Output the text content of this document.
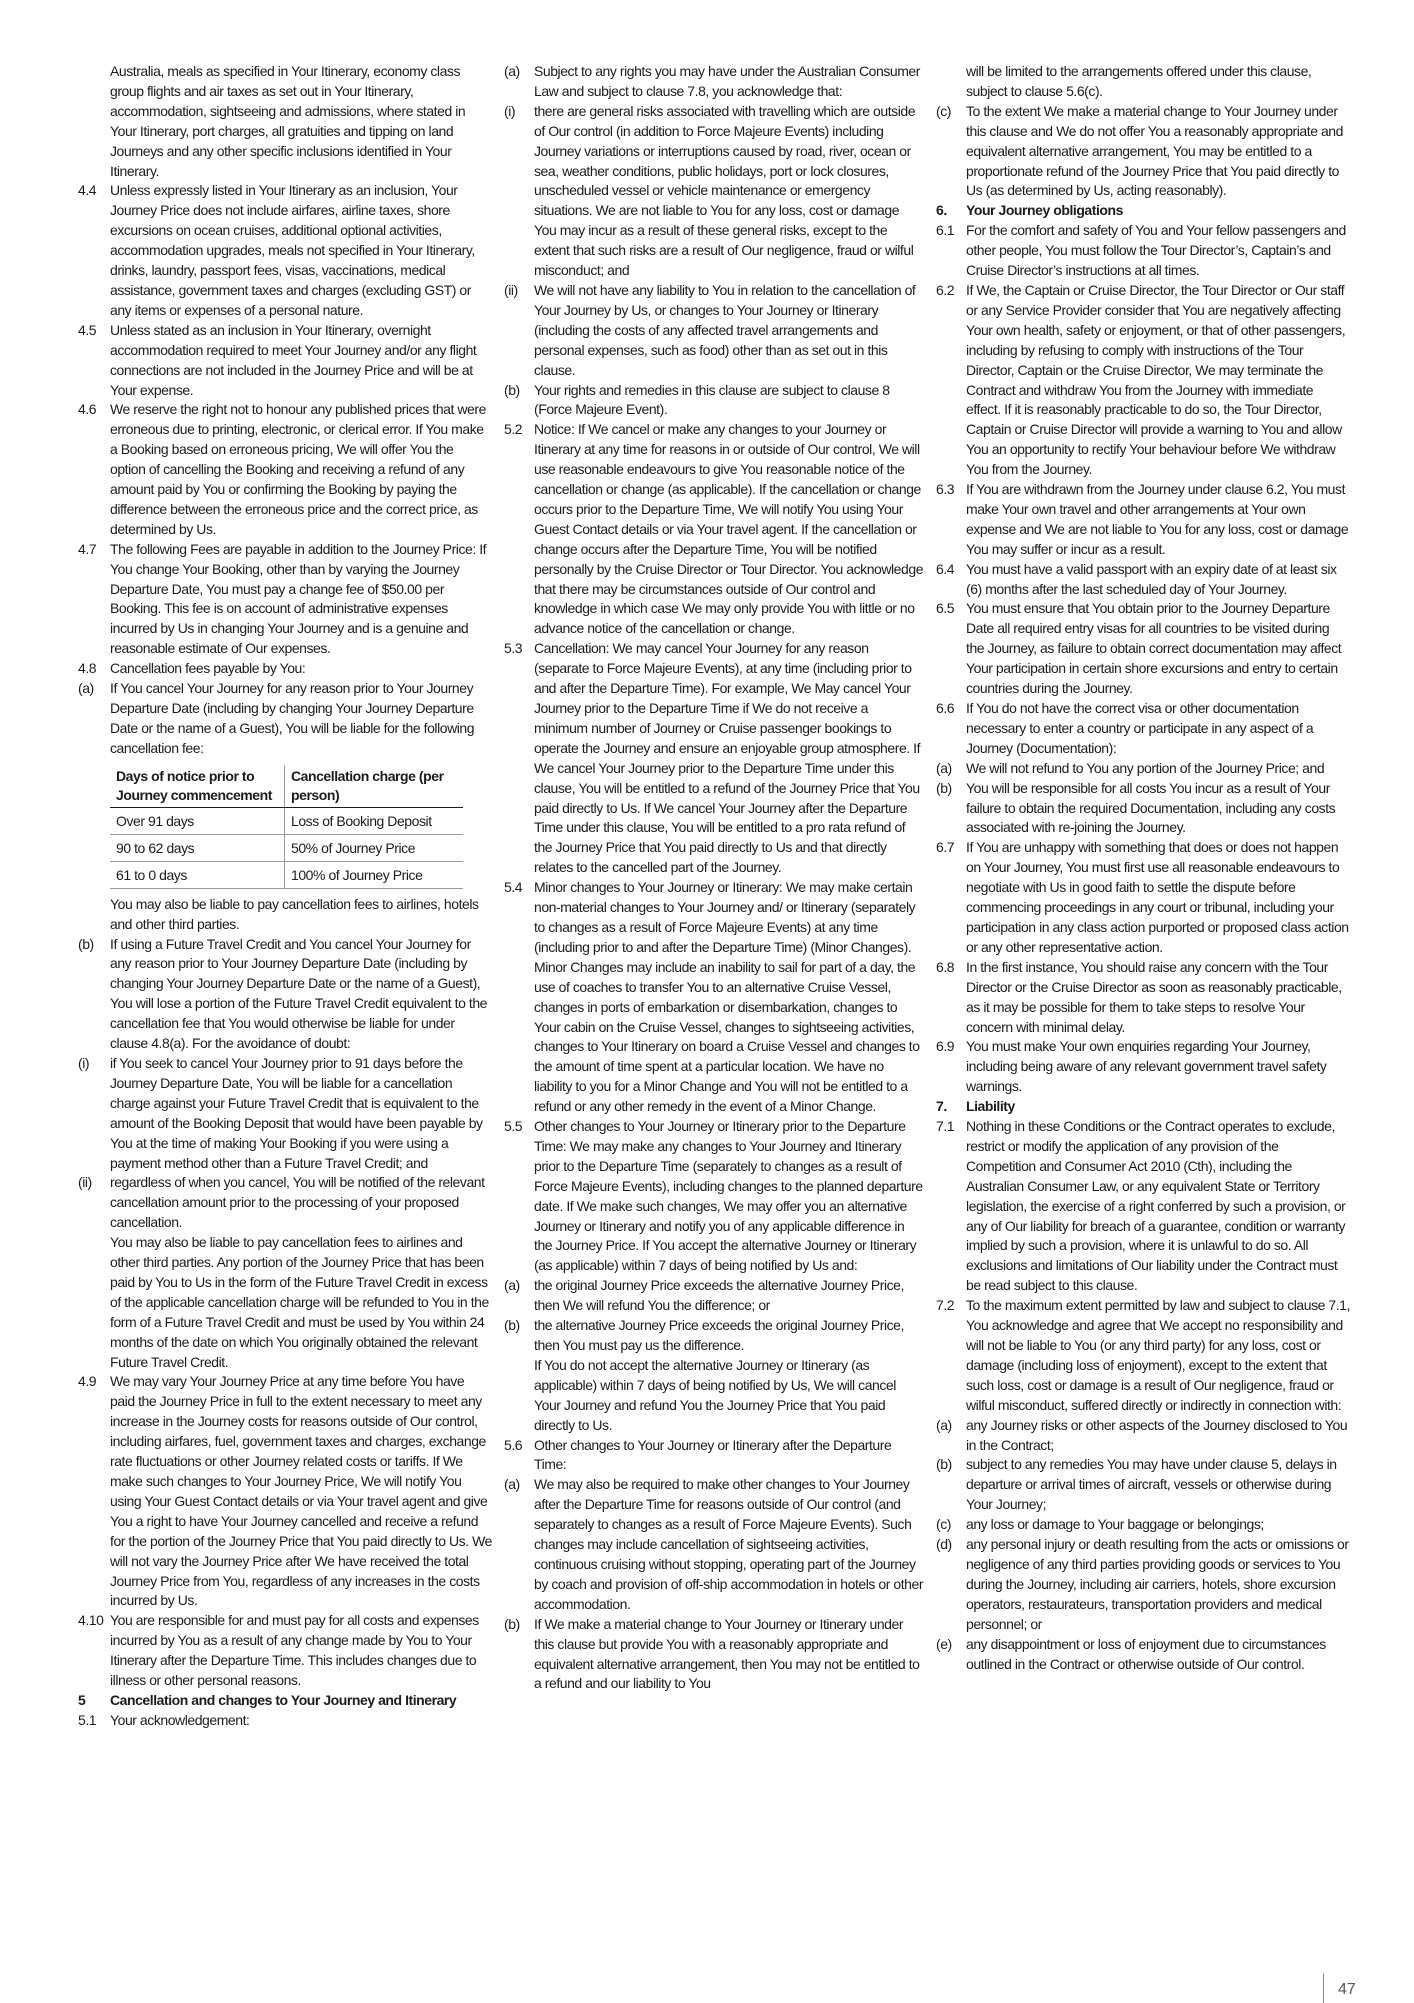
Australia, meals as specified in Your Itinerary, economy class group flights and air taxes as set out in Your Itinerary, accommodation, sightseeing and admissions, where stated in Your Itinerary, port charges, all gratuities and tipping on land Journeys and any other specific inclusions identified in Your Itinerary.

4.4 Unless expressly listed in Your Itinerary as an inclusion, Your Journey Price does not include airfares, airline taxes, shore excursions on ocean cruises, additional optional activities, accommodation upgrades, meals not specified in Your Itinerary, drinks, laundry, passport fees, visas, vaccinations, medical assistance, government taxes and charges (excluding GST) or any items or expenses of a personal nature.
4.5 Unless stated as an inclusion in Your Itinerary, overnight accommodation required to meet Your Journey and/or any flight connections are not included in the Journey Price and will be at Your expense.
4.6 We reserve the right not to honour any published prices that were erroneous due to printing, electronic, or clerical error. If You make a Booking based on erroneous pricing, We will offer You the option of cancelling the Booking and receiving a refund of any amount paid by You or confirming the Booking by paying the difference between the erroneous price and the correct price, as determined by Us.
4.7 The following Fees are payable in addition to the Journey Price: If You change Your Booking, other than by varying the Journey Departure Date, You must pay a change fee of $50.00 per Booking. This fee is on account of administrative expenses incurred by Us in changing Your Journey and is a genuine and reasonable estimate of Our expenses.
4.8 Cancellation fees payable by You:
(a)	If You cancel Your Journey for any reason prior to Your Journey Departure Date (including by changing Your Journey Departure Date or the name of a Guest), You will be liable for the following cancellation fee:
Days of notice prior to Journey commencement	Cancellation charge (per person)
Over 91 days	Loss of Booking Deposit
90 to 62 days	50% of Journey Price
61 to 0 days	100% of Journey Price

You may also be liable to pay cancellation fees to airlines, hotels and other third parties.

(b)	If using a Future Travel Credit and You cancel Your Journey for any reason prior to Your Journey Departure Date (including by changing Your Journey Departure Date or the name of a Guest), You will lose a portion of the Future Travel Credit equivalent to the cancellation fee that You would otherwise be liable for under clause 4.8(a). For the avoidance of doubt:
(i)	if You seek to cancel Your Journey prior to 91 days before the Journey Departure Date, You will be liable for a cancellation charge against your Future Travel Credit that is equivalent to the amount of the Booking Deposit that would have been payable by You at the time of making Your Booking if you were using a payment method other than a Future Travel Credit; and
(ii)	regardless of when you cancel, You will be notified of the relevant cancellation amount prior to the processing of your proposed cancellation.

You may also be liable to pay cancellation fees to airlines and other third parties. Any portion of the Journey Price that has been paid by You to Us in the form of the Future Travel Credit in excess of the applicable cancellation charge will be refunded to You in the form of a Future Travel Credit and must be used by You within 24 months of the date on which You originally obtained the relevant Future Travel Credit.

4.9 We may vary Your Journey Price at any time before You have paid the Journey Price in full to the extent necessary to meet any increase in the Journey costs for reasons outside of Our control, including airfares, fuel, government taxes and charges, exchange rate fluctuations or other Journey related costs or tariffs. If We make such changes to Your Journey Price, We will notify You using Your Guest Contact details or via Your travel agent and give You a right to have Your Journey cancelled and receive a refund for the portion of the Journey Price that You paid directly to Us. We will not vary the Journey Price after We have received the total Journey Price from You, regardless of any increases in the costs incurred by Us.
4.10 You are responsible for and must pay for all costs and expenses incurred by You as a result of any change made by You to Your Itinerary after the Departure Time. This includes changes due to illness or other personal reasons.
5	Cancellation and changes to Your Journey and Itinerary
5.1 Your acknowledgement:
(a)	Subject to any rights you may have under the Australian Consumer Law and subject to clause 7.8, you acknowledge that:
(i)	there are general risks associated with travelling which are outside of Our control (in addition to Force Majeure Events) including Journey variations or interruptions caused by road, river, ocean or sea, weather conditions, public holidays, port or lock closures, unscheduled vessel or vehicle maintenance or emergency situations. We are not liable to You for any loss, cost or damage You may incur as a result of these general risks, except to the extent that such risks are a result of Our negligence, fraud or wilful misconduct; and
(ii)	We will not have any liability to You in relation to the cancellation of Your Journey by Us, or changes to Your Journey or Itinerary (including the costs of any affected travel arrangements and personal expenses, such as food) other than as set out in this clause.
(b)	Your rights and remedies in this clause are subject to clause 8 (Force Majeure Event).
5.2 Notice: If We cancel or make any changes to your Journey or Itinerary at any time for reasons in or outside of Our control, We will use reasonable endeavours to give You reasonable notice of the cancellation or change (as applicable). If the cancellation or change occurs prior to the Departure Time, We will notify You using Your Guest Contact details or via Your travel agent. If the cancellation or change occurs after the Departure Time, You will be notified personally by the Cruise Director or Tour Director. You acknowledge that there may be circumstances outside of Our control and knowledge in which case We may only provide You with little or no advance notice of the cancellation or change.
5.3 Cancellation: We may cancel Your Journey for any reason (separate to Force Majeure Events), at any time (including prior to and after the Departure Time). For example, We May cancel Your Journey prior to the Departure Time if We do not receive a minimum number of Journey or Cruise passenger bookings to operate the Journey and ensure an enjoyable group atmosphere. If We cancel Your Journey prior to the Departure Time under this clause, You will be entitled to a refund of the Journey Price that You paid directly to Us. If We cancel Your Journey after the Departure Time under this clause, You will be entitled to a pro rata refund of the Journey Price that You paid directly to Us and that directly relates to the cancelled part of the Journey.
5.4 Minor changes to Your Journey or Itinerary: We may make certain non-material changes to Your Journey and/ or Itinerary (separately to changes as a result of Force Majeure Events) at any time (including prior to and after the Departure Time) (Minor Changes). Minor Changes may include an inability to sail for part of a day, the use of coaches to transfer You to an alternative Cruise Vessel, changes in ports of embarkation or disembarkation, changes to Your cabin on the Cruise Vessel, changes to sightseeing activities, changes to Your Itinerary on board a Cruise Vessel and changes to the amount of time spent at a particular location. We have no liability to you for a Minor Change and You will not be entitled to a refund or any other remedy in the event of a Minor Change.
5.5 Other changes to Your Journey or Itinerary prior to the Departure Time: We may make any changes to Your Journey and Itinerary prior to the Departure Time (separately to changes as a result of Force Majeure Events), including changes to the planned departure date. If We make such changes, We may offer you an alternative Journey or Itinerary and notify you of any applicable difference in the Journey Price. If You accept the alternative Journey or Itinerary (as applicable) within 7 days of being notified by Us and:
(a)	the original Journey Price exceeds the alternative Journey Price, then We will refund You the difference; or
(b)	the alternative Journey Price exceeds the original Journey Price, then You must pay us the difference.

If You do not accept the alternative Journey or Itinerary (as applicable) within 7 days of being notified by Us, We will cancel Your Journey and refund You the Journey Price that You paid directly to Us.

5.6 Other changes to Your Journey or Itinerary after the Departure Time:
(a)	We may also be required to make other changes to Your Journey after the Departure Time for reasons outside of Our control (and separately to changes as a result of Force Majeure Events). Such changes may include cancellation of sightseeing activities, continuous cruising without stopping, operating part of the Journey by coach and provision of off-ship accommodation in hotels or other accommodation.
(b)	If We make a material change to Your Journey or Itinerary under this clause but provide You with a reasonably appropriate and equivalent alternative arrangement, then You may not be entitled to a refund and our liability to You

will be limited to the arrangements offered under this clause, subject to clause 5.6(c).

(c)	To the extent We make a material change to Your Journey under this clause and We do not offer You a reasonably appropriate and equivalent alternative arrangement, You may be entitled to a proportionate refund of the Journey Price that You paid directly to Us (as determined by Us, acting reasonably).
6.	Your Journey obligations
6.1 For the comfort and safety of You and Your fellow passengers and other people, You must follow the Tour Director’s, Captain’s and Cruise Director’s instructions at all times.
6.2 If We, the Captain or Cruise Director, the Tour Director or Our staff or any Service Provider consider that You are negatively affecting Your own health, safety or enjoyment, or that of other passengers, including by refusing to comply with instructions of the Tour Director, Captain or the Cruise Director, We may terminate the Contract and withdraw You from the Journey with immediate effect. If it is reasonably practicable to do so, the Tour Director, Captain or Cruise Director will provide a warning to You and allow You an opportunity to rectify Your behaviour before We withdraw You from the Journey.
6.3 If You are withdrawn from the Journey under clause 6.2, You must make Your own travel and other arrangements at Your own expense and We are not liable to You for any loss, cost or damage You may suffer or incur as a result.
6.4 You must have a valid passport with an expiry date of at least six (6) months after the last scheduled day of Your Journey.
6.5 You must ensure that You obtain prior to the Journey Departure Date all required entry visas for all countries to be visited during the Journey, as failure to obtain correct documentation may affect Your participation in certain shore excursions and entry to certain countries during the Journey.
6.6 If You do not have the correct visa or other documentation necessary to enter a country or participate in any aspect of a Journey (Documentation):
(a)	We will not refund to You any portion of the Journey Price; and
(b)	You will be responsible for all costs You incur as a result of Your failure to obtain the required Documentation, including any costs associated with re-joining the Journey.
6.7 If You are unhappy with something that does or does not happen on Your Journey, You must first use all reasonable endeavours to negotiate with Us in good faith to settle the dispute before commencing proceedings in any court or tribunal, including your participation in any class action purported or proposed class action or any other representative action.
6.8 In the first instance, You should raise any concern with the Tour Director or the Cruise Director as soon as reasonably practicable, as it may be possible for them to take steps to resolve Your concern with minimal delay.
6.9 You must make Your own enquiries regarding Your Journey, including being aware of any relevant government travel safety warnings.
7.	Liability
7.1 Nothing in these Conditions or the Contract operates to exclude, restrict or modify the application of any provision of the Competition and Consumer Act 2010 (Cth), including the Australian Consumer Law, or any equivalent State or Territory legislation, the exercise of a right conferred by such a provision, or any of Our liability for breach of a guarantee, condition or warranty implied by such a provision, where it is unlawful to do so. All exclusions and limitations of Our liability under the Contract must be read subject to this clause.
7.2 To the maximum extent permitted by law and subject to clause 7.1, You acknowledge and agree that We accept no responsibility and will not be liable to You (or any third party) for any loss, cost or damage (including loss of enjoyment), except to the extent that such loss, cost or damage is a result of Our negligence, fraud or wilful misconduct, suffered directly or indirectly in connection with:
(a)	any Journey risks or other aspects of the Journey disclosed to You in the Contract;
(b)	subject to any remedies You may have under clause 5, delays in departure or arrival times of aircraft, vessels or otherwise during Your Journey;
(c)	any loss or damage to Your baggage or belongings;
(d)	any personal injury or death resulting from the acts or omissions or negligence of any third parties providing goods or services to You during the Journey, including air carriers, hotels, shore excursion operators, restaurateurs, transportation providers and medical personnel; or
(e)	any disappointment or loss of enjoyment due to circumstances outlined in the Contract or otherwise outside of Our control.
47
